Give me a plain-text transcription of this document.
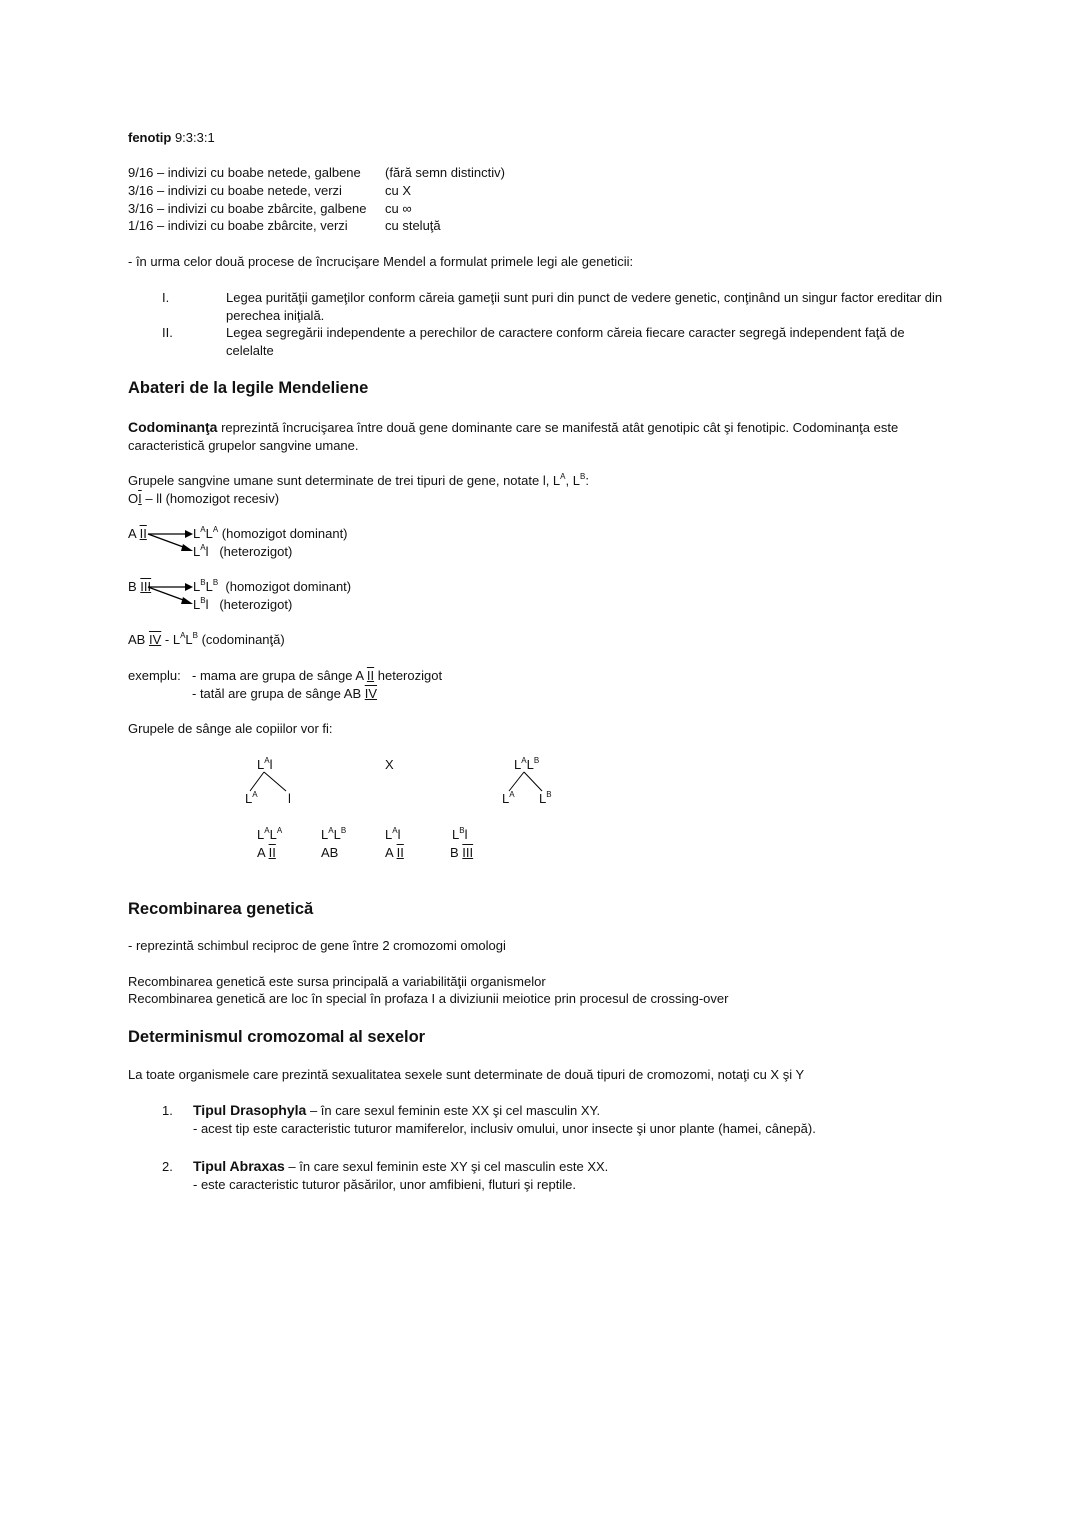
fenotip 9:3:3:1
9/16 – indivizi cu boabe netede, galbene (fără semn distinctiv)
3/16 – indivizi cu boabe netede, verzi	cu X
3/16 – indivizi cu boabe zbârcite, galbene cu ∞
1/16 – indivizi cu boabe zbârcite, verzi	cu steluţă
- în urma celor două procese de încrucişare Mendel a formulat primele legi ale geneticii:
I.	Legea purităţii gameţilor conform căreia gameţii sunt puri din punct de vedere genetic, conţinând un singur factor ereditar din perechea iniţială.
II.	Legea segregării independente a perechilor de caractere conform căreia fiecare caracter segregă independent faţă de celelalte
Abateri de la legile Mendeliene
Codominanţa reprezintă încrucişarea între două gene dominante care se manifestă atât genotipic cât şi fenotipic. Codominanţa este caracteristică grupelor sangvine umane.
Grupele sangvine umane sunt determinate de trei tipuri de gene, notate l, $L^A$, $L^B$:
OI – ll (homozigot recesiv)
A II	$L^AL^A$ (homozigot dominant)
$L^Al$ (heterozigot)
B III	$L^BL^B$ (homozigot dominant)
$L^Bl$ (heterozigot)
AB IV - $L^AL^B$ (codominanţă)
exemplu: - mama are grupa de sânge A II heterozigot
- tatăl are grupa de sânge AB IV
Grupele de sânge ale copiilor vor fi:
$L^Al$
$L^A$ l
X	$L^AL^B$
$L^A$ $L^B$
$L^AL^A$
A II
$L^AL^B$
AB
$L^Al$
A II
$L^Bl$
B III
Recombinarea genetică
- reprezintă schimbul reciproc de gene între 2 cromozomi omologi
Recombinarea genetică este sursa principală a variabilităţii organismelor
Recombinarea genetică are loc în special în profaza I a diviziunii meiotice prin procesul de crossing-over
Determinismul cromozomal al sexelor
La toate organismele care prezintă sexualitatea sexele sunt determinate de două tipuri de cromozomi, notaţi cu X şi Y
1. Tipul Drasophyla – în care sexul feminin este XX şi cel masculin XY.
- acest tip este caracteristic tuturor mamiferelor, inclusiv omului, unor insecte şi unor plante (hamei, cânepă).
2. Tipul Abraxas – în care sexul feminin este XY şi cel masculin este XX.
- este caracteristic tuturor păsărilor, unor amfibieni, fluturi şi reptile.
